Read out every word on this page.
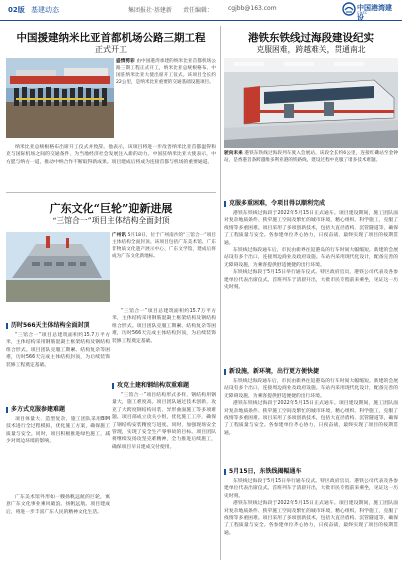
02版 基建动态	集团报社·基建新 责任编辑： cgjbb@163.com	中国港湾建设
CHEC
中国援建纳米比亚首都机场公路三期工程
正式开工
盛情剪彩 由中国港湾承建的纳米比亚首都机场公路三期工程正式开工，纳米比亚总统根格布、中国驻纳米比亚大使出席开工仪式。该项目全长约22公里，是纳米比亚重要的交通基础设施项目。

纳米比亚总统根格布出席开工仪式并致辞。他表示，该项目将进一步改善纳米比亚首都温得和克与国际机场之间的交通条件，为当地经济社会发展注入新的动力。中国驻纳米比亚大使表示，中方愿与纳方一道，推动中纳合作不断取得新成果。项目建成后将成为连接首都与机场的重要通道。

广东文化“巨轮”迎新进展
“三馆合一”项目主体结构全面封顶
广州讯 5月18日，位于广州南沙的“三馆合一”项目主体结构全面封顶。该项目包括广东美术馆、广东非物质文化遗产展示中心、广东文学馆，建成后将成为广东文化新地标。
历时566天主体结构全面封顶

“三馆合一”项目总建筑面积约15.7万平方米，主体结构采用钢筋混凝土框架结构及钢结构组合形式。项目团队克服工期紧、结构复杂等困难，历时566天完成主体结构封顶，为后续装饰装修工程奠定基础。

多方式克服参建难题

项目体量大、造型复杂，施工团队采用BIM技术进行全过程模拟，优化施工方案，确保施工质量与安全。同时，项目积极推进绿色施工，减少对周边环境的影响。

广东美术馆外形如一艘扬帆远航的巨轮，寓意广东文化事业乘风破浪、扬帆远航。项目建成后，将进一步丰富广东人民的精神文化生活。

“三馆合一”项目总建筑面积约15.7万平方米，主体结构采用钢筋混凝土框架结构及钢结构组合形式。项目团队克服工期紧、结构复杂等困难，历时566天完成主体结构封顶，为后续装饰装修工程奠定基础。

攻克土建和钢结构双重难题

“三馆合一”项目结构形式多样，钢结构用钢量大，施工难度高。项目团队通过技术创新，攻克了大跨度钢结构吊装、异形曲面施工等多项难题。项目部成立攻关小组，优化施工工序，确保了钢结构安装精度与进度。同时，加强现场安全管理，实现了安全生产零事故的目标。项目团队将继续发扬攻坚克难精神，全力推进后续施工，确保项目早日建成交付使用。

港铁东铁线过海段建设纪实
克服困难，跨越难关，贯通南北
驶向未来 港铁东铁线过海段列车驶入会展站。该段全长约6公里，连接红磡站至金钟站，是香港首条跨越维多利亚港的铁路线，建设过程中克服了诸多技术难题。
克服多重困难，令项目得以顺利完成

港铁东铁线过海段于2022年5月15日正式通车。项目建设期间，施工团队面对复杂地质条件、狭窄施工空间及繁忙的城市环境，精心组织、科学施工，克服了疫情等多重困难。项目采用了多项创新技术，包括大直径盾构、沉管隧道等，确保了工程质量与安全。各参建单位齐心协力，日夜奋战，最终实现了项目的按期贯通。

东铁线过海段通车后，市民由新界往返港岛的行车时间大幅缩短。新建的会展站设有多个出口，连接周边商业及政府设施。车站内采用现代化设计，配备完善的无障碍设施，为乘客提供舒适便捷的出行环境。

东铁线过海段于5月15日举行通车仪式。特区政府官员、港铁公司代表及各参建单位代表出席仪式。首班列车于清晨开出，大批市民专程前来乘坐，见证这一历史时刻。

新设施，新环境，出行更方便快捷

东铁线过海段通车后，市民由新界往返港岛的行车时间大幅缩短。新建的会展站设有多个出口，连接周边商业及政府设施。车站内采用现代化设计，配备完善的无障碍设施，为乘客提供舒适便捷的出行环境。

港铁东铁线过海段于2022年5月15日正式通车。项目建设期间，施工团队面对复杂地质条件、狭窄施工空间及繁忙的城市环境，精心组织、科学施工，克服了疫情等多重困难。项目采用了多项创新技术，包括大直径盾构、沉管隧道等，确保了工程质量与安全。各参建单位齐心协力，日夜奋战，最终实现了项目的按期贯通。

5月15日，东铁线揭幅通车

东铁线过海段于5月15日举行通车仪式。特区政府官员、港铁公司代表及各参建单位代表出席仪式。首班列车于清晨开出，大批市民专程前来乘坐，见证这一历史时刻。

港铁东铁线过海段于2022年5月15日正式通车。项目建设期间，施工团队面对复杂地质条件、狭窄施工空间及繁忙的城市环境，精心组织、科学施工，克服了疫情等多重困难。项目采用了多项创新技术，包括大直径盾构、沉管隧道等，确保了工程质量与安全。各参建单位齐心协力，日夜奋战，最终实现了项目的按期贯通。
